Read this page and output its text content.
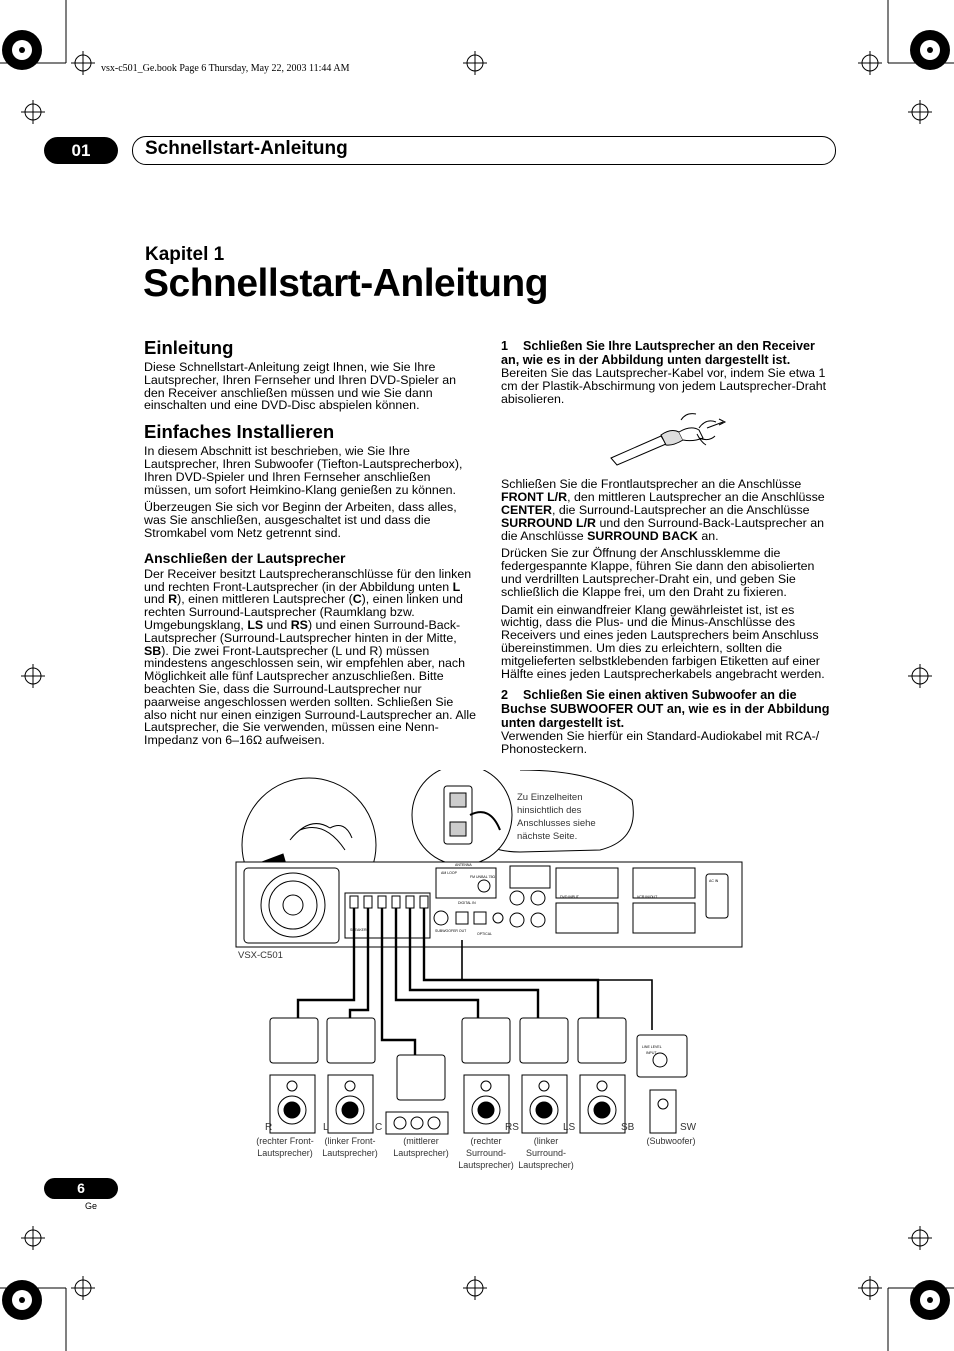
vsx-c501_Ge.book Page 6 Thursday, May 22, 2003 11:44 AM
01	Schnellstart-Anleitung
Kapitel 1
Schnellstart-Anleitung
Einleitung

Diese Schnellstart-Anleitung zeigt Ihnen, wie Sie Ihre Lautsprecher, Ihren Fernseher und Ihren DVD-Spieler an den Receiver anschließen müssen und wie Sie dann einschalten und eine DVD-Disc abspielen können.

Einfaches Installieren

In diesem Abschnitt ist beschrieben, wie Sie Ihre Lautsprecher, Ihren Subwoofer (Tiefton-Lautsprecherbox), Ihren DVD-Spieler und Ihren Fernseher anschließen müssen, um sofort Heimkino-Klang genießen zu können.

Überzeugen Sie sich vor Beginn der Arbeiten, dass alles, was Sie anschließen, ausgeschaltet ist und dass die Stromkabel vom Netz getrennt sind.

Anschließen der Lautsprecher

Der Receiver besitzt Lautsprecheranschlüsse für den linken und rechten Front-Lautsprecher (in der Abbildung unten L und R), einen mittleren Lautsprecher (C), einen linken und rechten Surround-Lautsprecher (Raumklang bzw. Umgebungsklang, LS und RS) und einen Surround-Back-Lautsprecher (Surround-Lautsprecher hinten in der Mitte, SB). Die zwei Front-Lautsprecher (L und R) müssen mindestens angeschlossen sein, wir empfehlen aber, nach Möglichkeit alle fünf Lautsprecher anzuschließen. Bitte beachten Sie, dass die Surround-Lautsprecher nur paarweise angeschlossen werden sollten. Schließen Sie also nicht nur einen einzigen Surround-Lautsprecher an. Alle Lautsprecher, die Sie verwenden, müssen eine Nenn-Impedanz von 6–16Ω aufweisen.

1 Schließen Sie Ihre Lautsprecher an den Receiver an, wie es in der Abbildung unten dargestellt ist.

Bereiten Sie das Lautsprecher-Kabel vor, indem Sie etwa 1 cm der Plastik-Abschirmung von jedem Lautsprecher-Draht abisolieren.

Schließen Sie die Frontlautsprecher an die Anschlüsse FRONT L/R, den mittleren Lautsprecher an die Anschlüsse CENTER, die Surround-Lautsprecher an die Anschlüsse SURROUND L/R und den Surround-Back-Lautsprecher an die Anschlüsse SURROUND BACK an.

Drücken Sie zur Öffnung der Anschlussklemme die federgespannte Klappe, führen Sie dann den abisolierten und verdrillten Lautsprecher-Draht ein, und geben Sie schließlich die Klappe frei, um den Draht zu fixieren.

Damit ein einwandfreier Klang gewährleistet ist, ist es wichtig, dass die Plus- und die Minus-Anschlüsse des Receivers und eines jeden Lautsprechers beim Anschluss übereinstimmen. Um dies zu erleichtern, sollten die mitgelieferten selbstklebenden farbigen Etiketten auf einer Hälfte eines jeden Lautsprecherkabels angebracht werden.

2 Schließen Sie einen aktiven Subwoofer an die Buchse SUBWOOFER OUT an, wie es in der Abbildung unten dargestellt ist.

Verwenden Sie hierfür ein Standard-Audiokabel mit RCA-/ Phonosteckern.

Zu Einzelheiten
hinsichtlich des
Anschlusses siehe
nächste Seite.
VSX-C501
SPEAKERS
ANTENNA
AM LOOP
FM UNBAL 75Ω
DIGITAL IN
OPTICAL
SUBWOOFER OUT
DVD INPUT	VCR IN/OUT
AC IN
LINE LEVEL
INPUT
R	L	C	RS	LS	SB	SW
(rechter Front-
Lautsprecher)
(linker Front-
Lautsprecher)
(mittlerer
Lautsprecher)
(rechter
Surround-
Lautsprecher)
(linker
Surround-
Lautsprecher)
(Subwoofer)
6
Ge
